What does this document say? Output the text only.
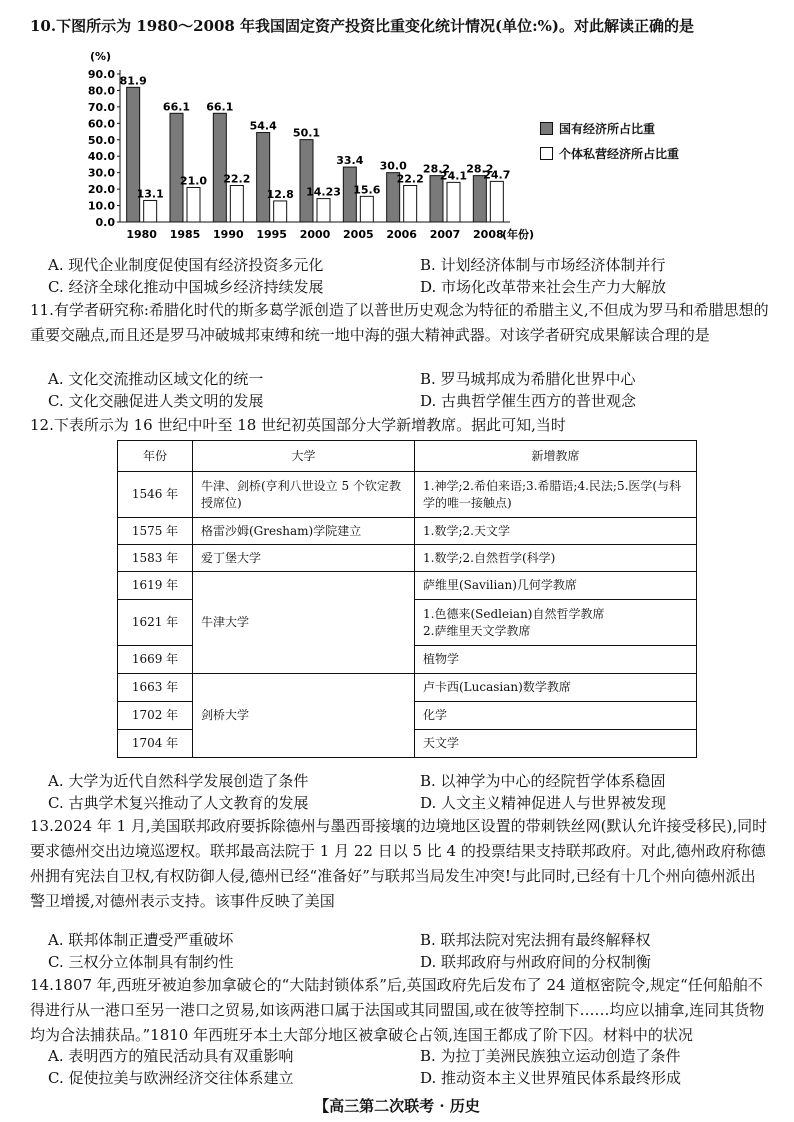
10.下图所示为 1980～2008 年我国固定资产投资比重变化统计情况(单位:%)。对此解读正确的是
(%)
0.0
10.0
20.0
30.0
40.0
50.0
60.0
70.0
80.0
90.0 81.9
13.1
1980
66.1
21.0
1985
66.1
22.2
1990
54.4
12.8
1995
50.1
14.23
2000
33.4
15.6
2005
30.0
22.2
2006
28.2
24.1
2007
28.2
24.7
2008
(年份)
国有经济所占比重
个体私营经济所占比重
A. 现代企业制度促使国有经济投资多元化	B. 计划经济体制与市场经济体制并行
C. 经济全球化推动中国城乡经济持续发展	D. 市场化改革带来社会生产力大解放
11.有学者研究称:希腊化时代的斯多葛学派创造了以普世历史观念为特征的希腊主义,不但成为罗马和希腊思想的重要交融点,而且还是罗马冲破城邦束缚和统一地中海的强大精神武器。对该学者研究成果解读合理的是
A. 文化交流推动区域文化的统一	B. 罗马城邦成为希腊化世界中心
C. 文化交融促进人类文明的发展	D. 古典哲学催生西方的普世观念
12.下表所示为 16 世纪中叶至 18 世纪初英国部分大学新增教席。据此可知,当时
年份	大学	新增教席
1546 年	牛津、剑桥(亨利八世设立 5 个钦定教授席位)	1.神学;2.希伯来语;3.希腊语;4.民法;5.医学(与科学的唯一接触点)
1575 年	格雷沙姆(Gresham)学院建立	1.数学;2.天文学
1583 年	爱丁堡大学	1.数学;2.自然哲学(科学)
1619 年	牛津大学	萨维里(Savilian)几何学教席
1621 年		1.色德来(Sedleian)自然哲学教席
2.萨维里天文学教席
1669 年		植物学
1663 年	剑桥大学	卢卡西(Lucasian)数学教席
1702 年		化学
1704 年		天文学
A. 大学为近代自然科学发展创造了条件	B. 以神学为中心的经院哲学体系稳固
C. 古典学术复兴推动了人文教育的发展	D. 人文主义精神促进人与世界被发现
13.2024 年 1 月,美国联邦政府要拆除德州与墨西哥接壤的边境地区设置的带刺铁丝网(默认允许接受移民),同时要求德州交出边境巡逻权。联邦最高法院于 1 月 22 日以 5 比 4 的投票结果支持联邦政府。对此,德州政府称德州拥有宪法自卫权,有权防御人侵,德州已经“准备好”与联邦当局发生冲突!与此同时,已经有十几个州向德州派出警卫增援,对德州表示支持。该事件反映了美国
A. 联邦体制正遭受严重破坏	B. 联邦法院对宪法拥有最终解释权
C. 三权分立体制具有制约性	D. 联邦政府与州政府间的分权制衡
14.1807 年,西班牙被迫参加拿破仑的“大陆封锁体系”后,英国政府先后发布了 24 道枢密院令,规定“任何船舶不得进行从一港口至另一港口之贸易,如该两港口属于法国或其同盟国,或在彼等控制下……均应以捕拿,连同其货物均为合法捕获品。”1810 年西班牙本土大部分地区被拿破仑占领,连国王都成了阶下囚。材料中的状况
A. 表明西方的殖民活动具有双重影响	B. 为拉丁美洲民族独立运动创造了条件
C. 促使拉美与欧洲经济交往体系建立	D. 推动资本主义世界殖民体系最终形成
【高三第二次联考 · 历史
